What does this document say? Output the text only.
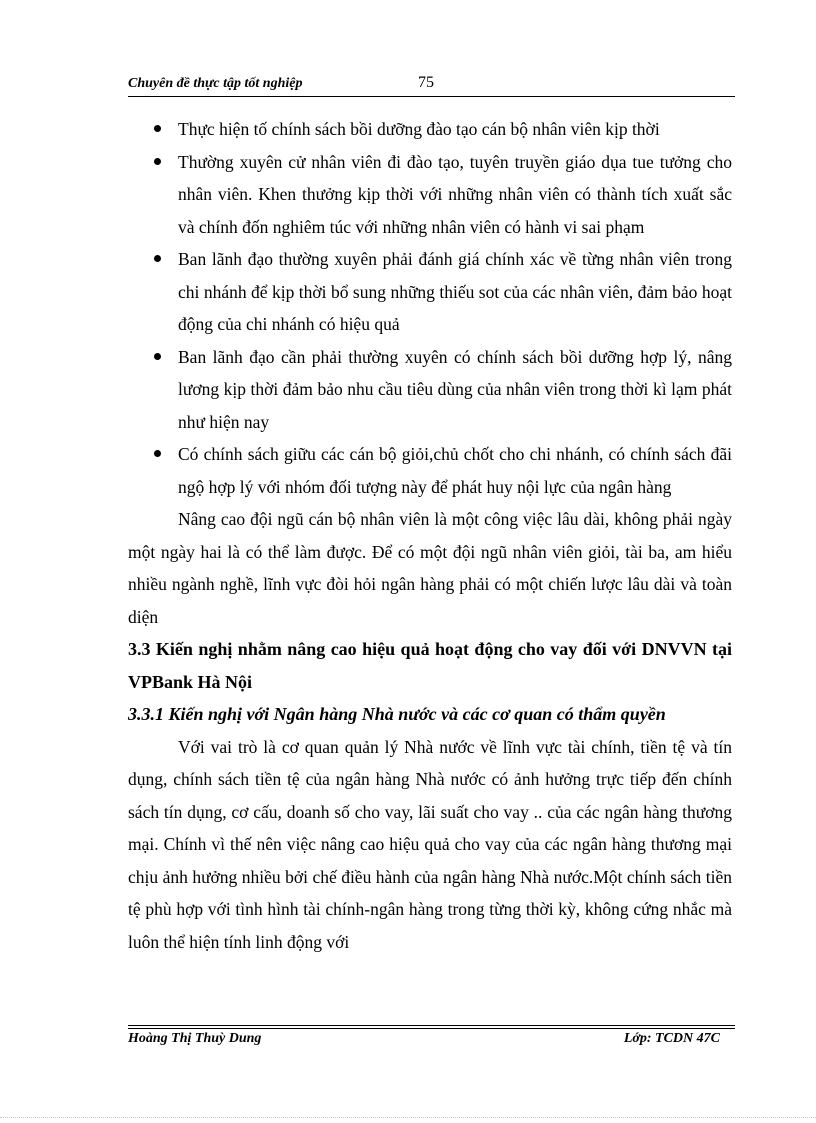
Chuyên đề thực tập tốt nghiệp	75
Thực hiện tố chính sách bồi dưỡng đào tạo cán bộ nhân viên kịp thời
Thường xuyên cử nhân viên đi đào tạo, tuyên truyền giáo dụa tue tưởng cho nhân viên. Khen thưởng kịp thời với những nhân viên có thành tích xuất sắc và chính đốn nghiêm túc với những nhân viên có hành vi sai phạm
Ban lãnh đạo thường xuyên phải đánh giá chính xác về từng nhân viên trong chi nhánh để kịp thời bổ sung những thiếu sot của các nhân viên, đảm bảo hoạt động của chi nhánh có hiệu quả
Ban lãnh đạo cần phải thường xuyên có chính sách bồi dưỡng hợp lý, nâng lương kịp thời đảm bảo nhu cầu tiêu dùng của nhân viên trong thời kì lạm phát như hiện nay
Có chính sách giữu các cán bộ giỏi,chủ chốt cho chi nhánh, có chính sách đãi ngộ hợp lý với nhóm đối tượng này để phát huy nội lực của ngân hàng

Nâng cao đội ngũ cán bộ nhân viên là một công việc lâu dài, không phải ngày một ngày hai là có thể làm được. Để có một đội ngũ nhân viên giỏi, tài ba, am hiểu nhiều ngành nghề, lĩnh vực đòi hỏi ngân hàng phải có một chiến lược lâu dài và toàn diện

3.3 Kiến nghị nhằm nâng cao hiệu quả hoạt động cho vay đối với DNVVN tại VPBank Hà Nội

3.3.1 Kiến nghị với Ngân hàng Nhà nước và các cơ quan có thẩm quyền

Với vai trò là cơ quan quản lý Nhà nước về lĩnh vực tài chính, tiền tệ và tín dụng, chính sách tiền tệ của ngân hàng Nhà nước có ảnh hưởng trực tiếp đến chính sách tín dụng, cơ cấu, doanh số cho vay, lãi suất cho vay .. của các ngân hàng thương mại. Chính vì thế nên việc nâng cao hiệu quả cho vay của các ngân hàng thương mại chịu ảnh hưởng nhiều bởi chế điều hành của ngân hàng Nhà nước.Một chính sách tiền tệ phù hợp với tình hình tài chính-ngân hàng trong từng thời kỳ, không cứng nhắc mà luôn thể hiện tính linh động với

Hoàng Thị Thuỳ Dung	Lớp: TCDN 47C
